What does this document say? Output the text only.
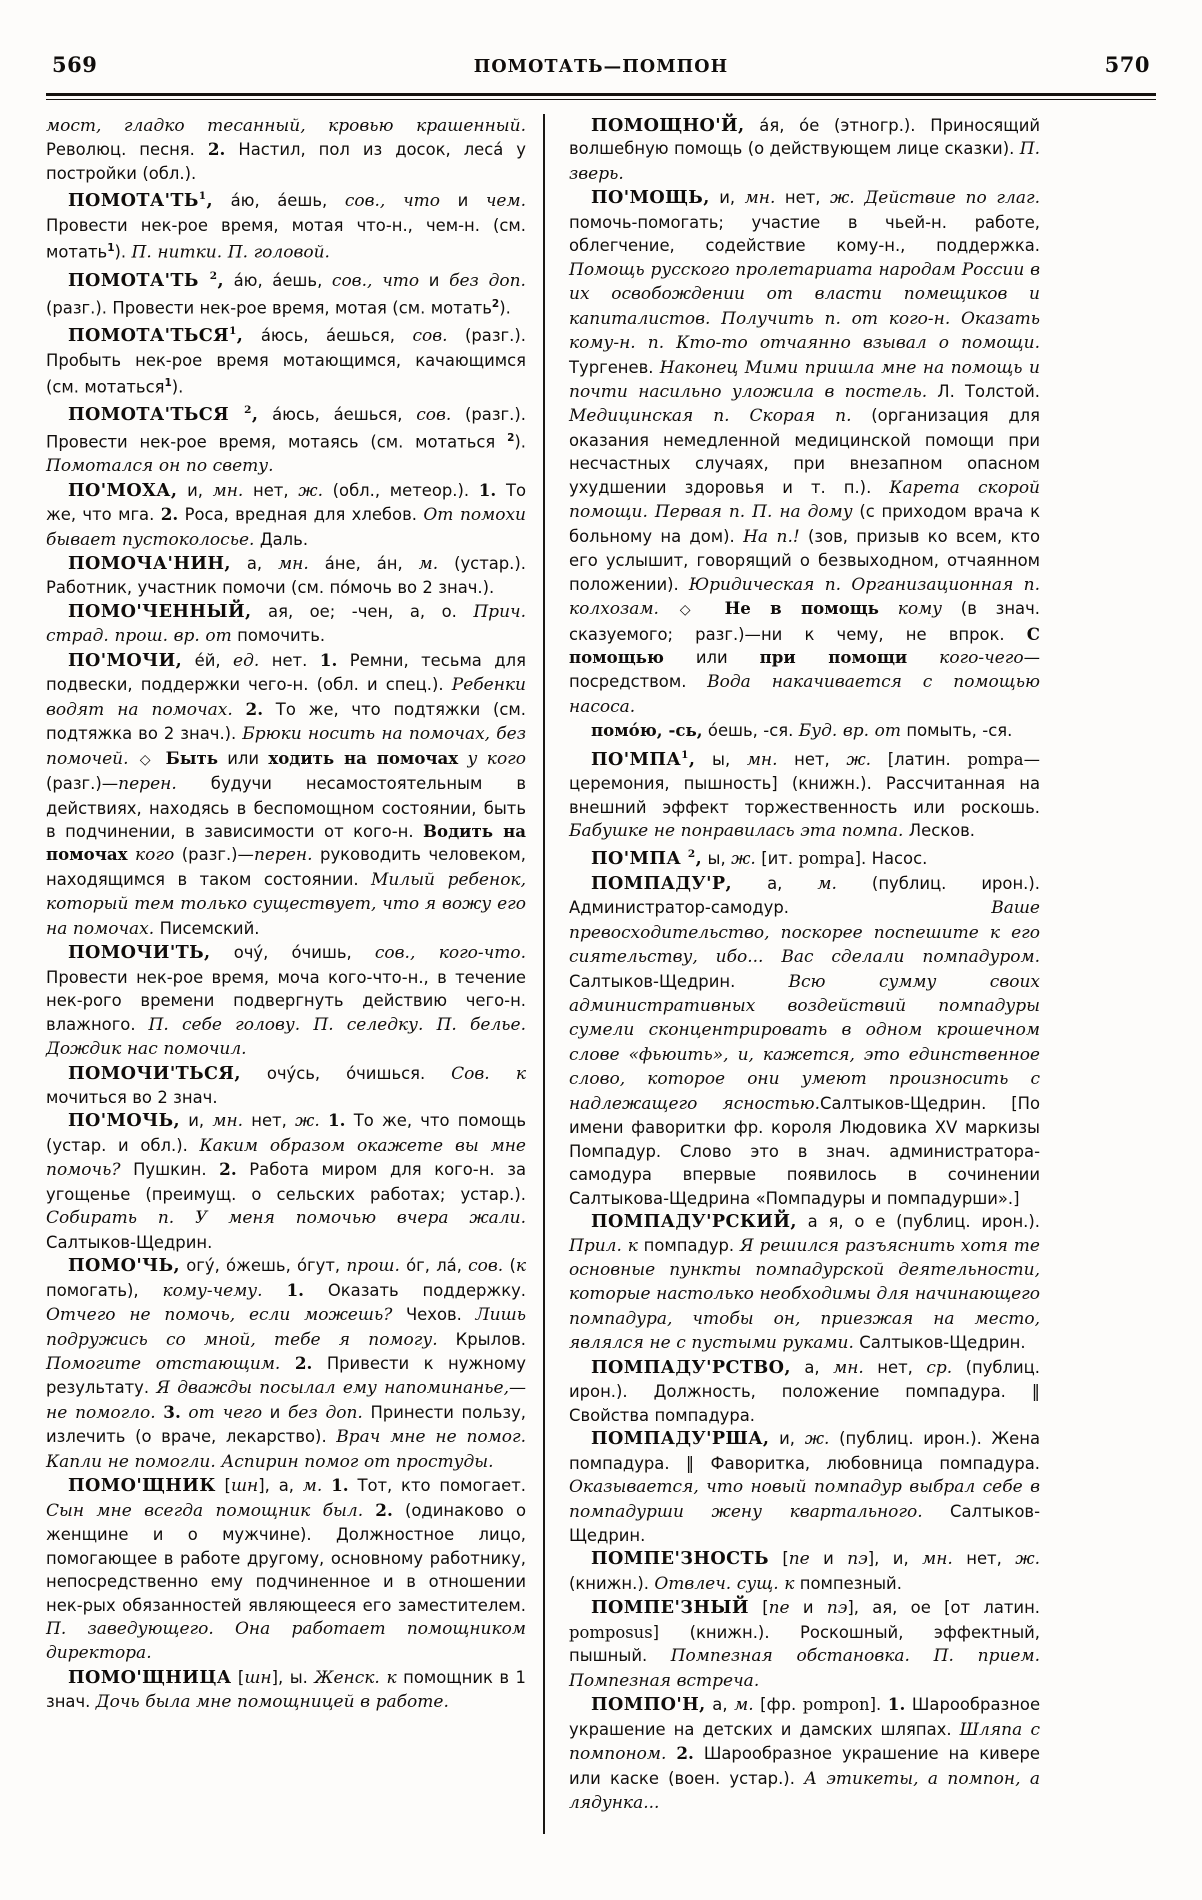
569	ПОМОТАТЬ—ПОМПОН	570

мост, гладко тесанный, кровью крашенный. Революц. песня. 2. Настил, пол из досок, леса́ у постройки (обл.).

$ПОМОТА'ТЬ^1$, а́ю, а́ешь, сов., что и чем. Провести нек-рое время, мотая что-н., чем-н. (см. мотать$^1$). П. нитки. П. головой.

ПОМОТА'ТЬ $^2$, а́ю, а́ешь, сов., что и без доп. (разг.). Провести нек-рое время, мотая (см. мотать$^2$).

ПОМОТА'ТЬСЯ$^1$, а́юсь, а́ешься, сов. (разг.). Пробыть нек-рое время мотающимся, качающимся (см. мотаться$^1$).

ПОМОТА'ТЬСЯ $^2$, а́юсь, а́ешься, сов. (разг.). Провести нек-рое время, мотаясь (см. мотаться $^2$). Помотался он по свету.

ПО'МОХА, и, мн. нет, ж. (обл., метеор.). 1. То же, что мга. 2. Роса, вредная для хлебов. От помохи бывает пустоколосье. Даль.

ПОМОЧА'НИН, а, мн. а́не, а́н, м. (устар.). Работник, участник помочи (см. по́мочь во 2 знач.).

ПОМО'ЧЕННЫЙ, ая, ое; -чен, а, о. Прич. страд. прош. вр. от помочить.

ПО'МОЧИ, е́й, ед. нет. 1. Ремни, тесьма для подвески, поддержки чего-н. (обл. и спец.). Ребенки водят на помочах. 2. То же, что подтяжки (см. подтяжка во 2 знач.). Брюки носить на помочах, без помочей. ◇ Быть или ходить на помочах у кого (разг.)—перен. будучи несамостоятельным в действиях, находясь в беспомощном состоянии, быть в подчинении, в зависимости от кого-н. Водить на помочах кого (разг.)—перен. руководить человеком, находящимся в таком состоянии. Милый ребенок, который тем только существует, что я вожу его на помочах. Писемский.

ПОМОЧИ'ТЬ, очу́, о́чишь, сов., кого-что. Провести нек-рое время, моча кого-что-н., в течение нек-рого времени подвергнуть действию чего-н. влажного. П. себе голову. П. селедку. П. белье. Дождик нас помочил.

ПОМОЧИ'ТЬСЯ, очу́сь, о́чишься. Сов. к мочиться во 2 знач.

ПО'МОЧЬ, и, мн. нет, ж. 1. То же, что помощь (устар. и обл.). Каким образом окажете вы мне помочь? Пушкин. 2. Работа миром для кого-н. за угощенье (преимущ. о сельских работах; устар.). Собирать п. У меня помочью вчера жали. Салтыков-Щедрин.

ПОМО'ЧЬ, огу́, о́жешь, о́гут, прош. о́г, ла́, сов. (к помогать), кому-чему. 1. Оказать поддержку. Отчего не помочь, если можешь? Чехов. Лишь подружись со мной, тебе я помогу. Крылов. Помогите отстающим. 2. Привести к нужному результату. Я дважды посылал ему напоминанье,—не помогло. 3. от чего и без доп. Принести пользу, излечить (о враче, лекарство). Врач мне не помог. Капли не помогли. Аспирин помог от простуды.

ПОМО'ЩНИК [шн], а, м. 1. Тот, кто помогает. Сын мне всегда помощник был. 2. (одинаково о женщине и о мужчине). Должностное лицо, помогающее в работе другому, основному работнику, непосредственно ему подчиненное и в отношении нек-рых обязанностей являющееся его заместителем. П. заведующего. Она работает помощником директора.

ПОМО'ЩНИЦА [шн], ы. Женск. к помощник в 1 знач. Дочь была мне помощницей в работе.

ПОМОЩНО'Й, а́я, о́е (этногр.). Приносящий волшебную помощь (о действующем лице сказки). П. зверь.

ПО'МОЩЬ, и, мн. нет, ж. Действие по глаг. помочь-помогать; участие в чьей-н. работе, облегчение, содействие кому-н., поддержка. Помощь русского пролетариата народам России в их освобождении от власти помещиков и капиталистов. Получить п. от кого-н. Оказать кому-н. п. Кто-то отчаянно взывал о помощи. Тургенев. Наконец Мими пришла мне на помощь и почти насильно уложила в постель. Л. Толстой. Медицинская п. Скорая п. (организация для оказания немедленной медицинской помощи при несчастных случаях, при внезапном опасном ухудшении здоровья и т. п.). Карета скорой помощи. Первая п. П. на дому (с приходом врача к больному на дом). На п.! (зов, призыв ко всем, кто его услышит, говорящий о безвыходном, отчаянном положении). Юридическая п. Организационная п. колхозам. ◇ Не в помощь кому (в знач. сказуемого; разг.)—ни к чему, не впрок. С помощью или при помощи кого-чего—посредством. Вода накачивается с помощью насоса.

помо́ю, -сь, о́ешь, -ся. Буд. вр. от помыть, -ся.

ПО'МПА$^1$, ы, мн. нет, ж. [латин. pompa—церемония, пышность] (книжн.). Рассчитанная на внешний эффект торжественность или роскошь. Бабушке не понравилась эта помпа. Лесков.

ПО'МПА $^2$, ы, ж. [ит. pompa]. Насос.

ПОМПАДУ'Р, а, м. (публиц. ирон.). Администратор-самодур. Ваше превосходительство, поскорее поспешите к его сиятельству, ибо... Вас сделали помпадуром. Салтыков-Щедрин. Всю сумму своих административных воздействий помпадуры сумели сконцентрировать в одном крошечном слове «фьюить», и, кажется, это единственное слово, которое они умеют произносить с надлежащего ясностью.Салтыков-Щедрин. [По имени фаворитки фр. короля Людовика XV маркизы Помпадур. Слово это в знач. администратора-самодура впервые появилось в сочинении Салтыкова-Щедрина «Помпадуры и помпадурши».]

ПОМПАДУ'РСКИЙ, а я, о е (публиц. ирон.). Прил. к помпадур. Я решился разъяснить хотя те основные пункты помпадурской деятельности, которые настолько необходимы для начинающего помпадура, чтобы он, приезжая на место, являлся не с пустыми руками. Салтыков-Щедрин.

ПОМПАДУ'РСТВО, а, мн. нет, ср. (публиц. ирон.). Должность, положение помпадура. ‖ Свойства помпадура.

ПОМПАДУ'РША, и, ж. (публиц. ирон.). Жена помпадура. ‖ Фаворитка, любовница помпадура. Оказывается, что новый помпадур выбрал себе в помпадурши жену квартального. Салтыков-Щедрин.

ПОМПЕ'ЗНОСТЬ [пе и пэ], и, мн. нет, ж. (книжн.). Отвлеч. сущ. к помпезный.

ПОМПЕ'ЗНЫЙ [пе и пэ], ая, ое [от латин. pomposus] (книжн.). Роскошный, эффектный, пышный. Помпезная обстановка. П. прием. Помпезная встреча.

ПОМПО'Н, а, м. [фр. pompon]. 1. Шарообразное украшение на детских и дамских шляпах. Шляпа с помпоном. 2. Шарообразное украшение на кивере или каске (воен. устар.). А этикеты, а помпон, а лядунка...
